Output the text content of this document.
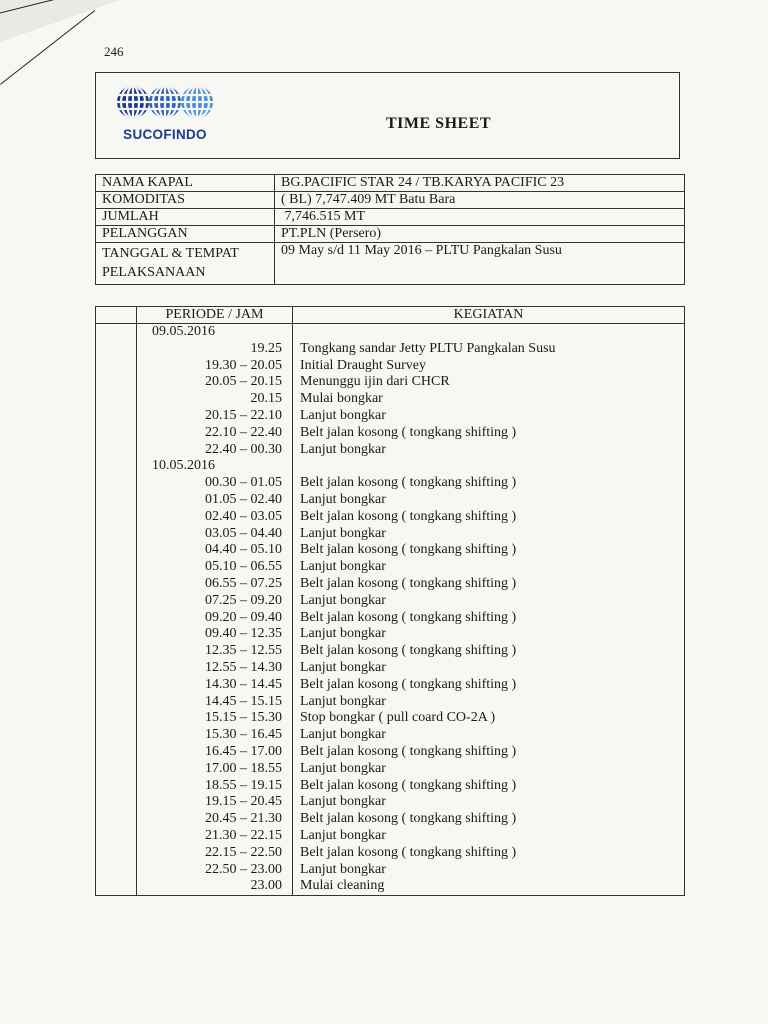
246
SUCOFINDO
TIME SHEET
NAMA KAPAL	BG.PACIFIC STAR 24 / TB.KARYA PACIFIC 23
KOMODITAS	( BL) 7,747.409 MT Batu Bara
JUMLAH	7,746.515 MT
PELANGGAN	PT.PLN (Persero)

TANGGAL & TEMPAT
PELAKSANAAN	09 May s/d 11 May 2016 – PLTU Pangkalan Susu
	PERIODE / JAM	KEGIATAN
	09.05.2016	
	19.25	Tongkang sandar Jetty PLTU Pangkalan Susu
	19.30 – 20.05	Initial Draught Survey
	20.05 – 20.15	Menunggu ijin dari CHCR
	20.15	Mulai bongkar
	20.15 – 22.10	Lanjut bongkar
	22.10 – 22.40	Belt jalan kosong ( tongkang shifting )
	22.40 – 00.30	Lanjut bongkar
	10.05.2016	
	00.30 – 01.05	Belt jalan kosong ( tongkang shifting )
	01.05 – 02.40	Lanjut bongkar
	02.40 – 03.05	Belt jalan kosong ( tongkang shifting )
	03.05 – 04.40	Lanjut bongkar
	04.40 – 05.10	Belt jalan kosong ( tongkang shifting )
	05.10 – 06.55	Lanjut bongkar
	06.55 – 07.25	Belt jalan kosong ( tongkang shifting )
	07.25 – 09.20	Lanjut bongkar
	09.20 – 09.40	Belt jalan kosong ( tongkang shifting )
	09.40 – 12.35	Lanjut bongkar
	12.35 – 12.55	Belt jalan kosong ( tongkang shifting )
	12.55 – 14.30	Lanjut bongkar
	14.30 – 14.45	Belt jalan kosong ( tongkang shifting )
	14.45 – 15.15	Lanjut bongkar
	15.15 – 15.30	Stop bongkar ( pull coard CO-2A )
	15.30 – 16.45	Lanjut bongkar
	16.45 – 17.00	Belt jalan kosong ( tongkang shifting )
	17.00 – 18.55	Lanjut bongkar
	18.55 – 19.15	Belt jalan kosong ( tongkang shifting )
	19.15 – 20.45	Lanjut bongkar
	20.45 – 21.30	Belt jalan kosong ( tongkang shifting )
	21.30 – 22.15	Lanjut bongkar
	22.15 – 22.50	Belt jalan kosong ( tongkang shifting )
	22.50 – 23.00	Lanjut bongkar
	23.00	Mulai cleaning
